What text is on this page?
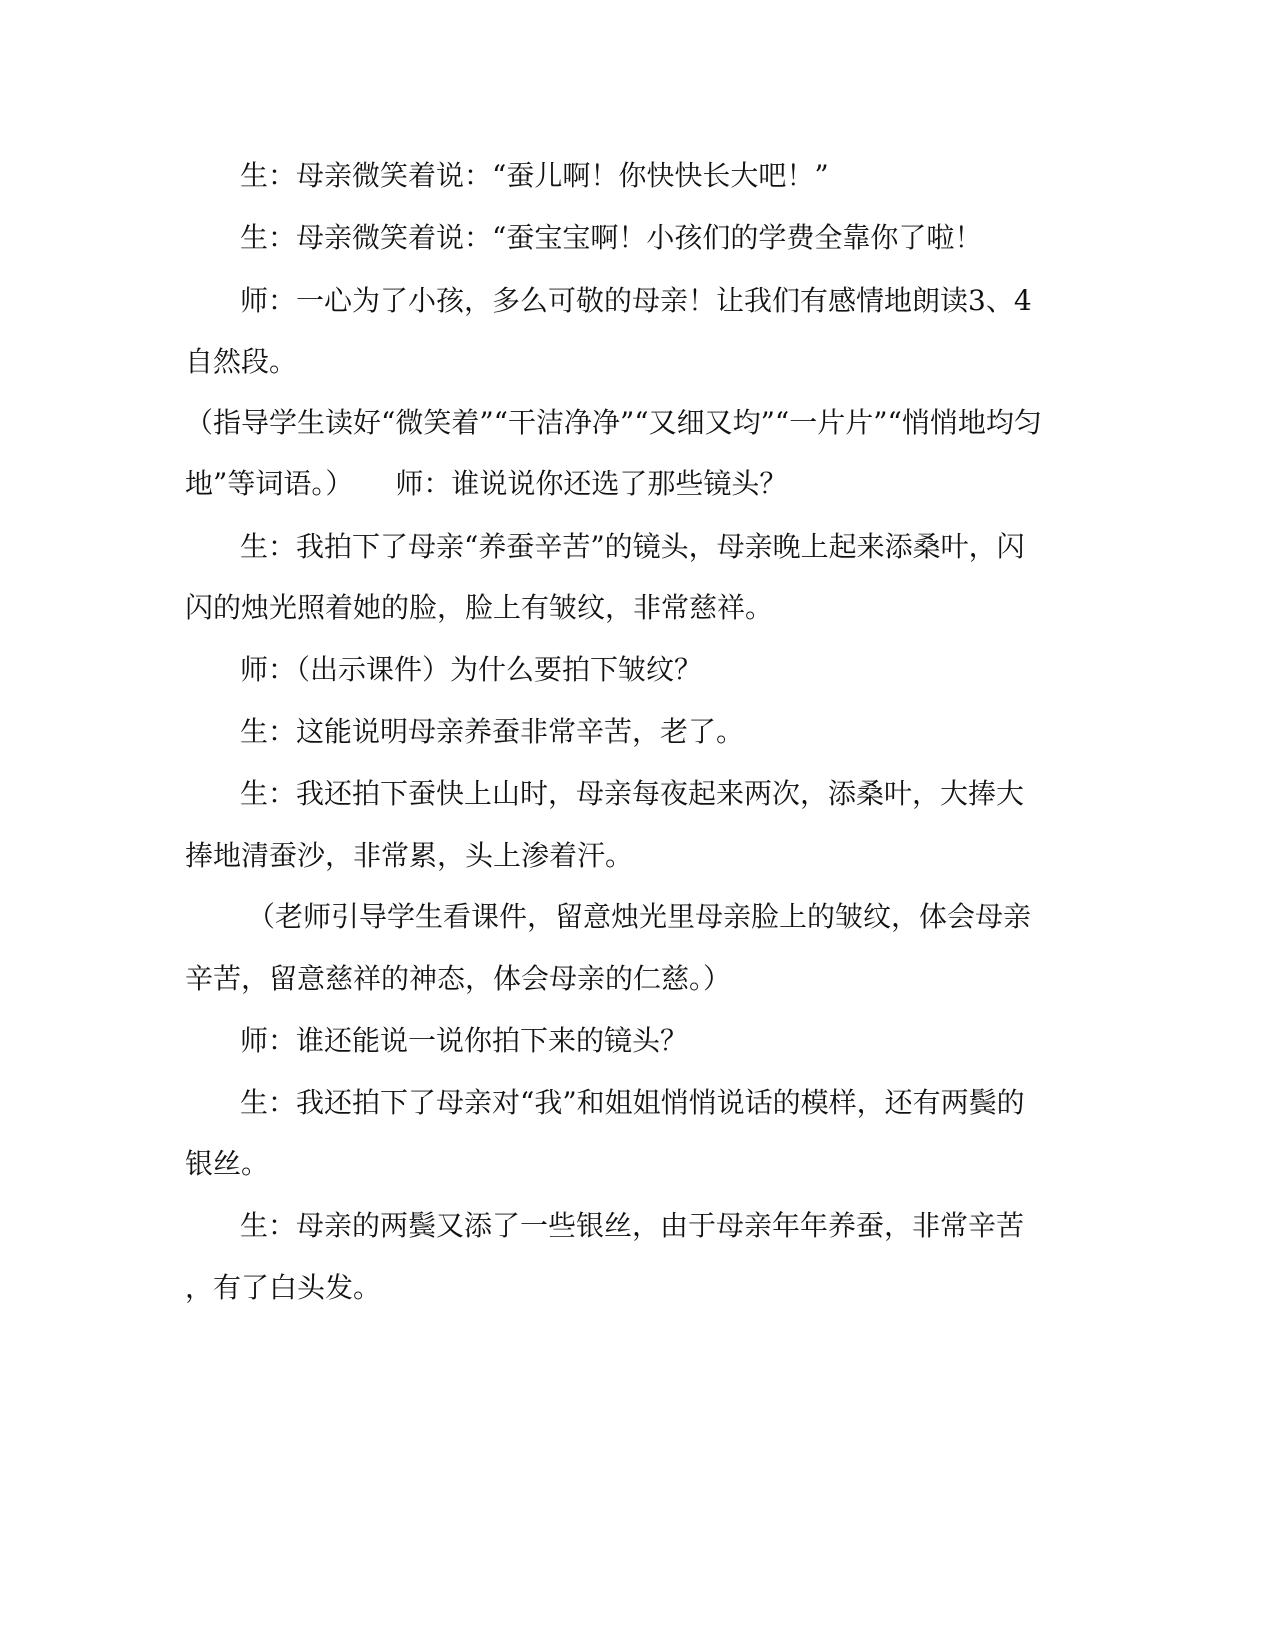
生：母亲微笑着说：“蚕儿啊！你快快长大吧！”

生：母亲微笑着说：“蚕宝宝啊！小孩们的学费全靠你了啦！

师：一心为了小孩，多么可敬的母亲！让我们有感情地朗读3、4

自然段。

（指导学生读好“微笑着”“干洁净净”“又细又均”“一片片”“悄悄地均匀

地”等词语。）　　师：谁说说你还选了那些镜头？

生：我拍下了母亲“养蚕辛苦”的镜头，母亲晚上起来添桑叶，闪

闪的烛光照着她的脸，脸上有皱纹，非常慈祥。

师：（出示课件）为什么要拍下皱纹？

生：这能说明母亲养蚕非常辛苦，老了。

生：我还拍下蚕快上山时，母亲每夜起来两次，添桑叶，大捧大

捧地清蚕沙，非常累，头上渗着汗。

（老师引导学生看课件，留意烛光里母亲脸上的皱纹，体会母亲

辛苦，留意慈祥的神态，体会母亲的仁慈。）

师：谁还能说一说你拍下来的镜头？

生：我还拍下了母亲对“我”和姐姐悄悄说话的模样，还有两鬓的

银丝。

生：母亲的两鬓又添了一些银丝，由于母亲年年养蚕，非常辛苦

，有了白头发。
